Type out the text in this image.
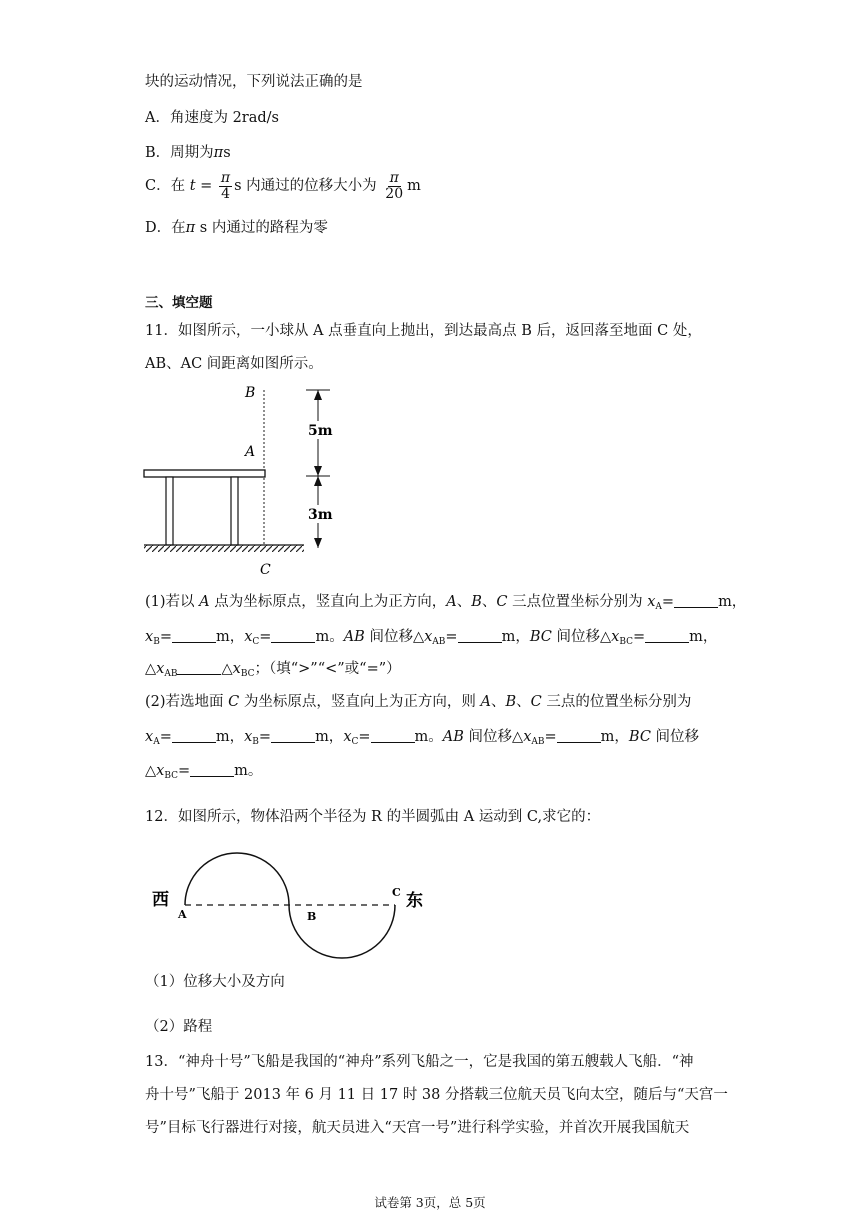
块的运动情况，下列说法正确的是
A．角速度为 2rad/s
B．周期为πs
C．在 $t = \frac{\pi}{4}$ s 内通过的位移大小为 $\frac{\pi}{20}$ m
D．在π s 内通过的路程为零
三、填空题
11．如图所示，一小球从 A 点垂直向上抛出，到达最高点 B 后，返回落至地面 C 处，
AB、AC 间距离如图所示。
B
A
C
5m
3m
(1)若以 A 点为坐标原点，竖直向上为正方向，A、B、C 三点位置坐标分别为 $x_A=$	m，
$x_B=$	m，$x_C=$	m。AB 间位移$\triangle x_{AB}=$	m，BC 间位移$\triangle x_{BC}=$	m，
$\triangle x_{AB}$	$\triangle x_{BC}$；（填“>”“<”或“=”）
(2)若选地面 C 为坐标原点，竖直向上为正方向，则 A、B、C 三点的位置坐标分别为
$x_A=$	m，$x_B=$	m，$x_C=$	m。AB 间位移$\triangle x_{AB}=$	m，BC 间位移
$\triangle x_{BC}=$	m。
12．如图所示，物体沿两个半径为 R 的半圆弧由 A 运动到 C,求它的：
西	东
A	B
C
（1）位移大小及方向
（2）路程
13．“神舟十号”飞船是我国的“神舟”系列飞船之一，它是我国的第五艘载人飞船．“神
舟十号”飞船于 2013 年 6 月 11 日 17 时 38 分搭载三位航天员飞向太空，随后与“天宫一
号”目标飞行器进行对接，航天员进入“天宫一号”进行科学实验，并首次开展我国航天
试卷第 3页，总 5页
